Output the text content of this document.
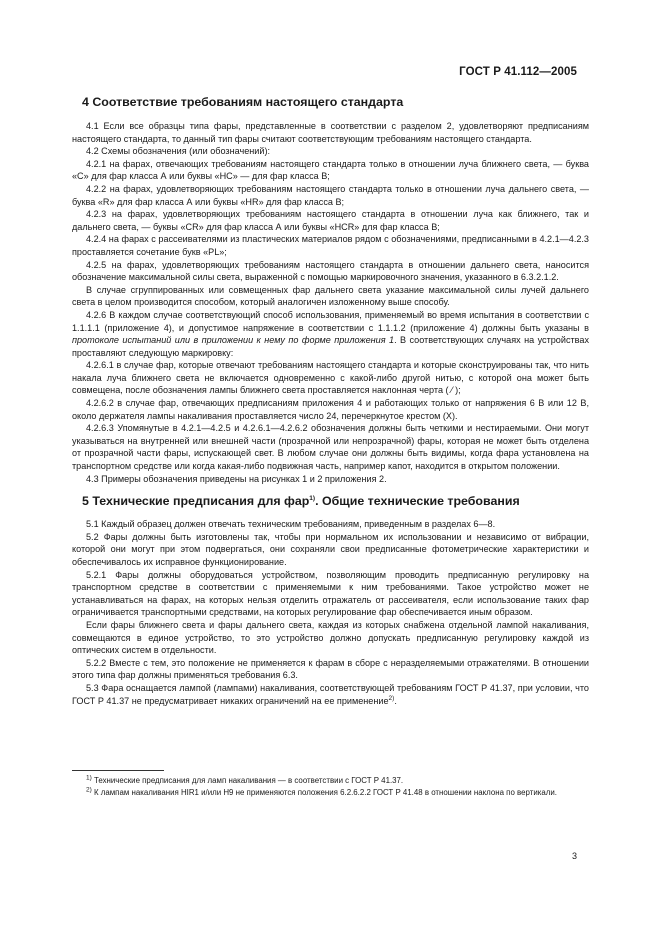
ГОСТ Р 41.112—2005
4 Соответствие требованиям настоящего стандарта

4.1 Если все образцы типа фары, представленные в соответствии с разделом 2, удовлетворяют предписаниям настоящего стандарта, то данный тип фары считают соответствующим требованиям настоящего стандарта.

4.2 Схемы обозначения (или обозначений):

4.2.1 на фарах, отвечающих требованиям настоящего стандарта только в отношении луча ближнего света, — буква «С» для фар класса А или буквы «НС» — для фар класса В;

4.2.2 на фарах, удовлетворяющих требованиям настоящего стандарта только в отношении луча дальнего света, — буква «R» для фар класса А или буквы «HR» для фар класса В;

4.2.3 на фарах, удовлетворяющих требованиям настоящего стандарта в отношении луча как ближнего, так и дальнего света, — буквы «CR» для фар класса А или буквы «HCR» для фар класса В;

4.2.4 на фарах с рассеивателями из пластических материалов рядом с обозначениями, предписанными в 4.2.1—4.2.3 проставляется сочетание букв «PL»;

4.2.5 на фарах, удовлетворяющих требованиям настоящего стандарта в отношении дальнего света, наносится обозначение максимальной силы света, выраженной с помощью маркировочного значения, указанного в 6.3.2.1.2.

В случае сгруппированных или совмещенных фар дальнего света указание максимальной силы лучей дальнего света в целом производится способом, который аналогичен изложенному выше способу.

4.2.6 В каждом случае соответствующий способ использования, применяемый во время испытания в соответствии с 1.1.1.1 (приложение 4), и допустимое напряжение в соответствии с 1.1.1.2 (приложение 4) должны быть указаны в протоколе испытаний или в приложении к нему по форме приложения 1. В соответствующих случаях на устройствах проставляют следующую маркировку:

4.2.6.1 в случае фар, которые отвечают требованиям настоящего стандарта и которые сконструированы так, что нить накала луча ближнего света не включается одновременно с какой-либо другой нитью, с которой она может быть совмещена, после обозначения лампы ближнего света проставляется наклонная черта ( ⁄ );

4.2.6.2 в случае фар, отвечающих предписаниям приложения 4 и работающих только от напряжения 6 В или 12 В, около держателя лампы накаливания проставляется число 24, перечеркнутое крестом (X).

4.2.6.3 Упомянутые в 4.2.1—4.2.5 и 4.2.6.1—4.2.6.2 обозначения должны быть четкими и нестираемыми. Они могут указываться на внутренней или внешней части (прозрачной или непрозрачной) фары, которая не может быть отделена от прозрачной части фары, испускающей свет. В любом случае они должны быть видимы, когда фара установлена на транспортном средстве или когда какая-либо подвижная часть, например капот, находится в открытом положении.

4.3 Примеры обозначения приведены на рисунках 1 и 2 приложения 2.

5 Технические предписания для фар$^{1)}$. Общие технические требования

5.1 Каждый образец должен отвечать техническим требованиям, приведенным в разделах 6—8.

5.2 Фары должны быть изготовлены так, чтобы при нормальном их использовании и независимо от вибрации, которой они могут при этом подвергаться, они сохраняли свои предписанные фотометрические характеристики и обеспечивалось их исправное функционирование.

5.2.1 Фары должны оборудоваться устройством, позволяющим проводить предписанную регулировку на транспортном средстве в соответствии с применяемыми к ним требованиями. Такое устройство может не устанавливаться на фарах, на которых нельзя отделить отражатель от рассеивателя, если использование таких фар ограничивается транспортными средствами, на которых регулирование фар обеспечивается иным образом.

Если фары ближнего света и фары дальнего света, каждая из которых снабжена отдельной лампой накаливания, совмещаются в единое устройство, то это устройство должно допускать предписанную регулировку каждой из оптических систем в отдельности.

5.2.2 Вместе с тем, это положение не применяется к фарам в сборе с неразделяемыми отражателями. В отношении этого типа фар должны применяться требования 6.3.

5.3 Фара оснащается лампой (лампами) накаливания, соответствующей требованиям ГОСТ Р 41.37, при условии, что ГОСТ Р 41.37 не предусматривает никаких ограничений на ее применение$^{2)}$.

$^{1)}$ Технические предписания для ламп накаливания — в соответствии с ГОСТ Р 41.37.
$^{2)}$ К лампам накаливания HIR1 и/или H9 не применяются положения 6.2.6.2.2 ГОСТ Р 41.48 в отношении наклона по вертикали.
3
